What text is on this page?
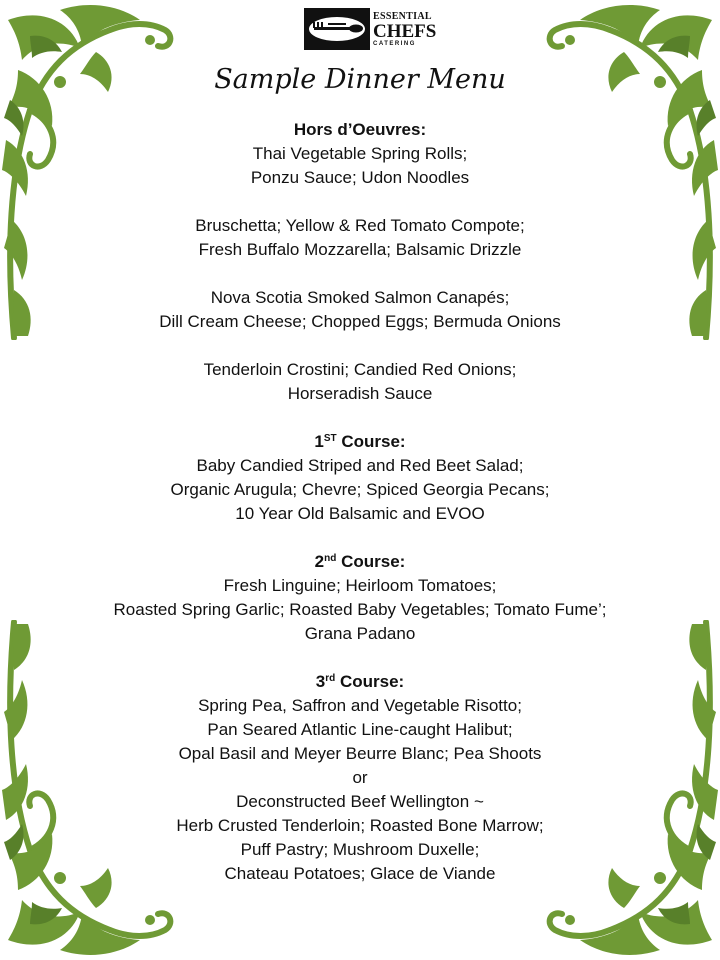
ESSENTIAL
CHEFS
CATERING
Sample Dinner Menu
Hors d’Oeuvres:
Thai Vegetable Spring Rolls;
Ponzu Sauce; Udon Noodles
Bruschetta; Yellow & Red Tomato Compote;
Fresh Buffalo Mozzarella; Balsamic Drizzle
Nova Scotia Smoked Salmon Canapés;
Dill Cream Cheese; Chopped Eggs; Bermuda Onions
Tenderloin Crostini; Candied Red Onions;
Horseradish Sauce
1ST Course:
Baby Candied Striped and Red Beet Salad;
Organic Arugula; Chevre; Spiced Georgia Pecans;
10 Year Old Balsamic and EVOO
2nd Course:
Fresh Linguine; Heirloom Tomatoes;
Roasted Spring Garlic; Roasted Baby Vegetables; Tomato Fume’;
Grana Padano
3rd Course:
Spring Pea, Saffron and Vegetable Risotto;
Pan Seared Atlantic Line-caught Halibut;
Opal Basil and Meyer Beurre Blanc; Pea Shoots
or
Deconstructed Beef Wellington ~
Herb Crusted Tenderloin; Roasted Bone Marrow;
Puff Pastry; Mushroom Duxelle;
Chateau Potatoes; Glace de Viande
